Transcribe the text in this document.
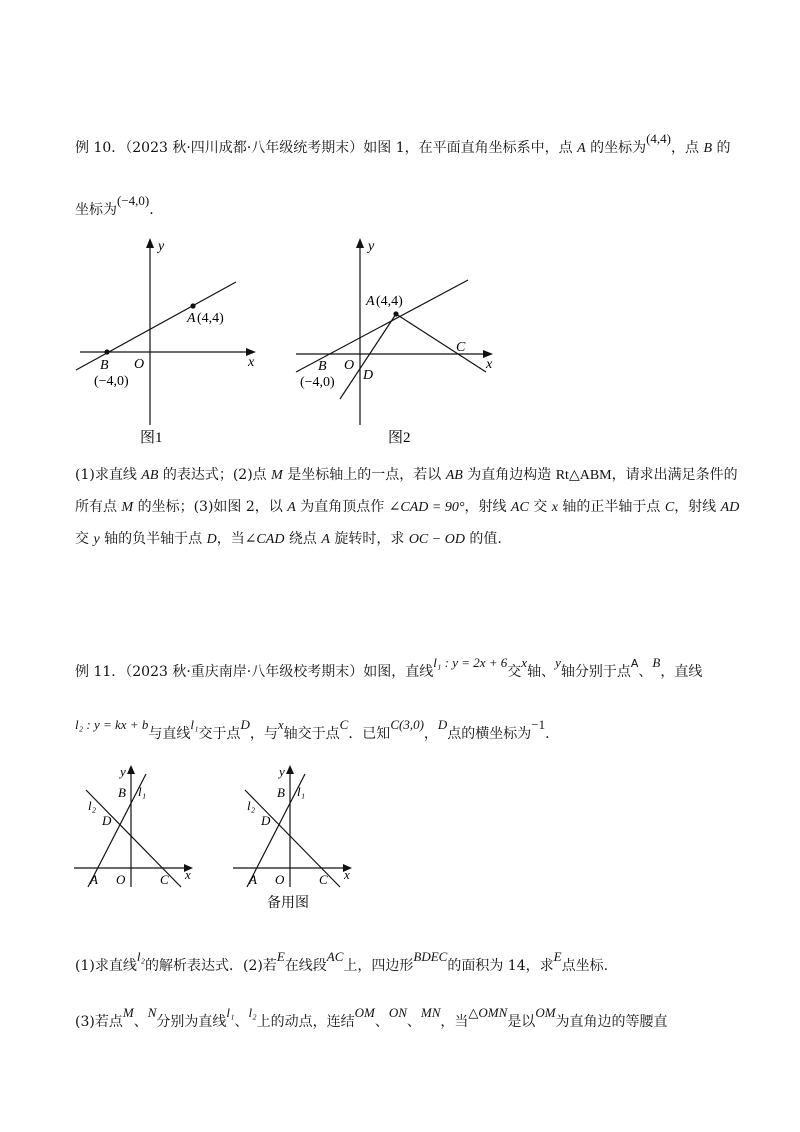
例 10．（2023 秋·四川成都·八年级统考期末）如图 1，在平面直角坐标系中，点 A 的坐标为(4,4)，点 B 的
坐标为(−4,0).
y
x
O
A (4,4)
B
(−4,0)
图1
y
x
O
A (4,4)
B
(−4,0)
C
D
图2
(1)求直线 AB 的表达式；(2)点 M 是坐标轴上的一点，若以 AB 为直角边构造 Rt△ABM，请求出满足条件的
所有点 M 的坐标；(3)如图 2，以 A 为直角顶点作 ∠CAD = 90°，射线 AC 交 x 轴的正半轴于点 C，射线 AD
交 y 轴的负半轴于点 D，当∠CAD 绕点 A 旋转时，求 OC − OD 的值.
例 11．（2023 秋·重庆南岸·八年级校考期末）如图，直线l₁ : y = 2x + 6交x轴、y轴分别于点$^A$、B，直线
l₂ : y = kx + b与直线l₁交于点D，与x轴交于点C．已知C(3,0)，D点的横坐标为−1.
y
l₁
B
l₂
D
A O	C x
y
l₁
B
l₂
D
A O	C x
备用图
(1)求直线l₂的解析表达式．(2)若E在线段AC上，四边形BDEC的面积为 14，求E点坐标.
(3)若点M、N分别为直线l₁、l₂上的动点，连结OM、ON、MN，当△OMN是以OM为直角边的等腰直
